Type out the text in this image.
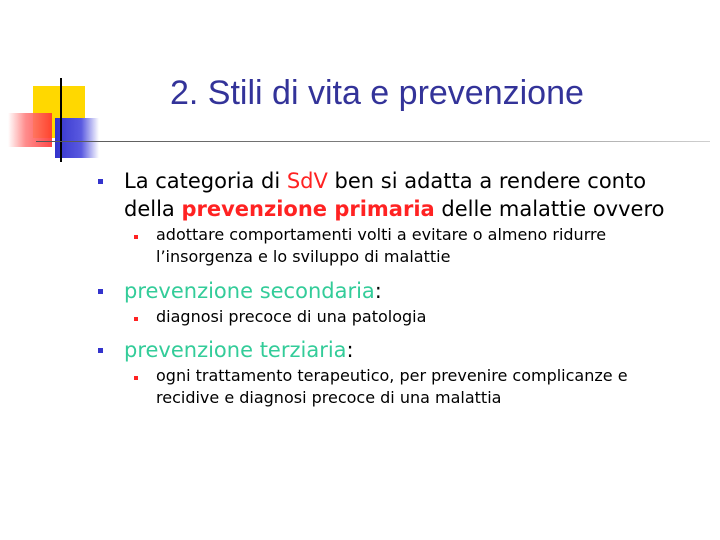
2. Stili di vita e prevenzione
La categoria di SdV ben si adatta a rendere conto della prevenzione primaria delle malattie ovvero
adottare comportamenti volti a evitare o almeno ridurre l’insorgenza e lo sviluppo di malattie
prevenzione secondaria:
diagnosi precoce di una patologia
prevenzione terziaria:
ogni trattamento terapeutico, per prevenire complicanze e recidive e diagnosi precoce di una malattia
